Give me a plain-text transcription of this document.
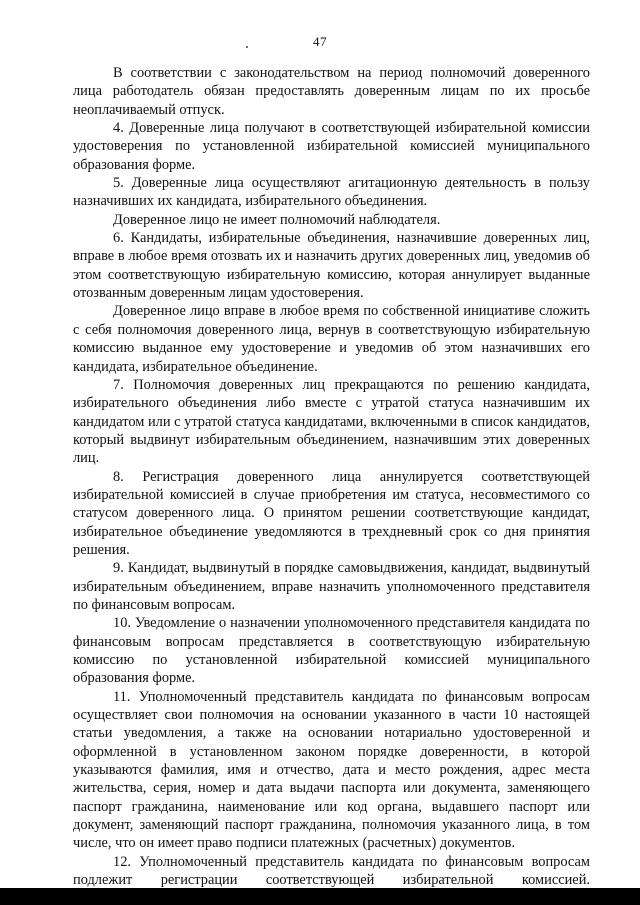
47

В соответствии с законодательством на период полномочий доверенного лица работодатель обязан предоставлять доверенным лицам по их просьбе неоплачиваемый отпуск.

4. Доверенные лица получают в соответствующей избирательной комиссии удостоверения по установленной избирательной комиссией муниципального образования форме.

5. Доверенные лица осуществляют агитационную деятельность в пользу назначивших их кандидата, избирательного объединения.

Доверенное лицо не имеет полномочий наблюдателя.

6. Кандидаты, избирательные объединения, назначившие доверенных лиц, вправе в любое время отозвать их и назначить других доверенных лиц, уведомив об этом соответствующую избирательную комиссию, которая аннулирует выданные отозванным доверенным лицам удостоверения.

Доверенное лицо вправе в любое время по собственной инициативе сложить с себя полномочия доверенного лица, вернув в соответствующую избирательную комиссию выданное ему удостоверение и уведомив об этом назначивших его кандидата, избирательное объединение.

7. Полномочия доверенных лиц прекращаются по решению кандидата, избирательного объединения либо вместе с утратой статуса назначившим их кандидатом или с утратой статуса кандидатами, включенными в список кандидатов, который выдвинут избирательным объединением, назначившим этих доверенных лиц.

8. Регистрация доверенного лица аннулируется соответствующей избирательной комиссией в случае приобретения им статуса, несовместимого со статусом доверенного лица. О принятом решении соответствующие кандидат, избирательное объединение уведомляются в трехдневный срок со дня принятия решения.

9. Кандидат, выдвинутый в порядке самовыдвижения, кандидат, выдвинутый избирательным объединением, вправе назначить уполномоченного представителя по финансовым вопросам.

10. Уведомление о назначении уполномоченного представителя кандидата по финансовым вопросам представляется в соответствующую избирательную комиссию по установленной избирательной комиссией муниципального образования форме.

11. Уполномоченный представитель кандидата по финансовым вопросам осуществляет свои полномочия на основании указанного в части 10 настоящей статьи уведомления, а также на основании нотариально удостоверенной и оформленной в установленном законом порядке доверенности, в которой указываются фамилия, имя и отчество, дата и место рождения, адрес места жительства, серия, номер и дата выдачи паспорта или документа, заменяющего паспорт гражданина, наименование или код органа, выдавшего паспорт или документ, заменяющий паспорт гражданина, полномочия указанного лица, в том числе, что он имеет право подписи платежных (расчетных) документов.

12. Уполномоченный представитель кандидата по финансовым вопросам подлежит регистрации соответствующей избирательной комиссией.
